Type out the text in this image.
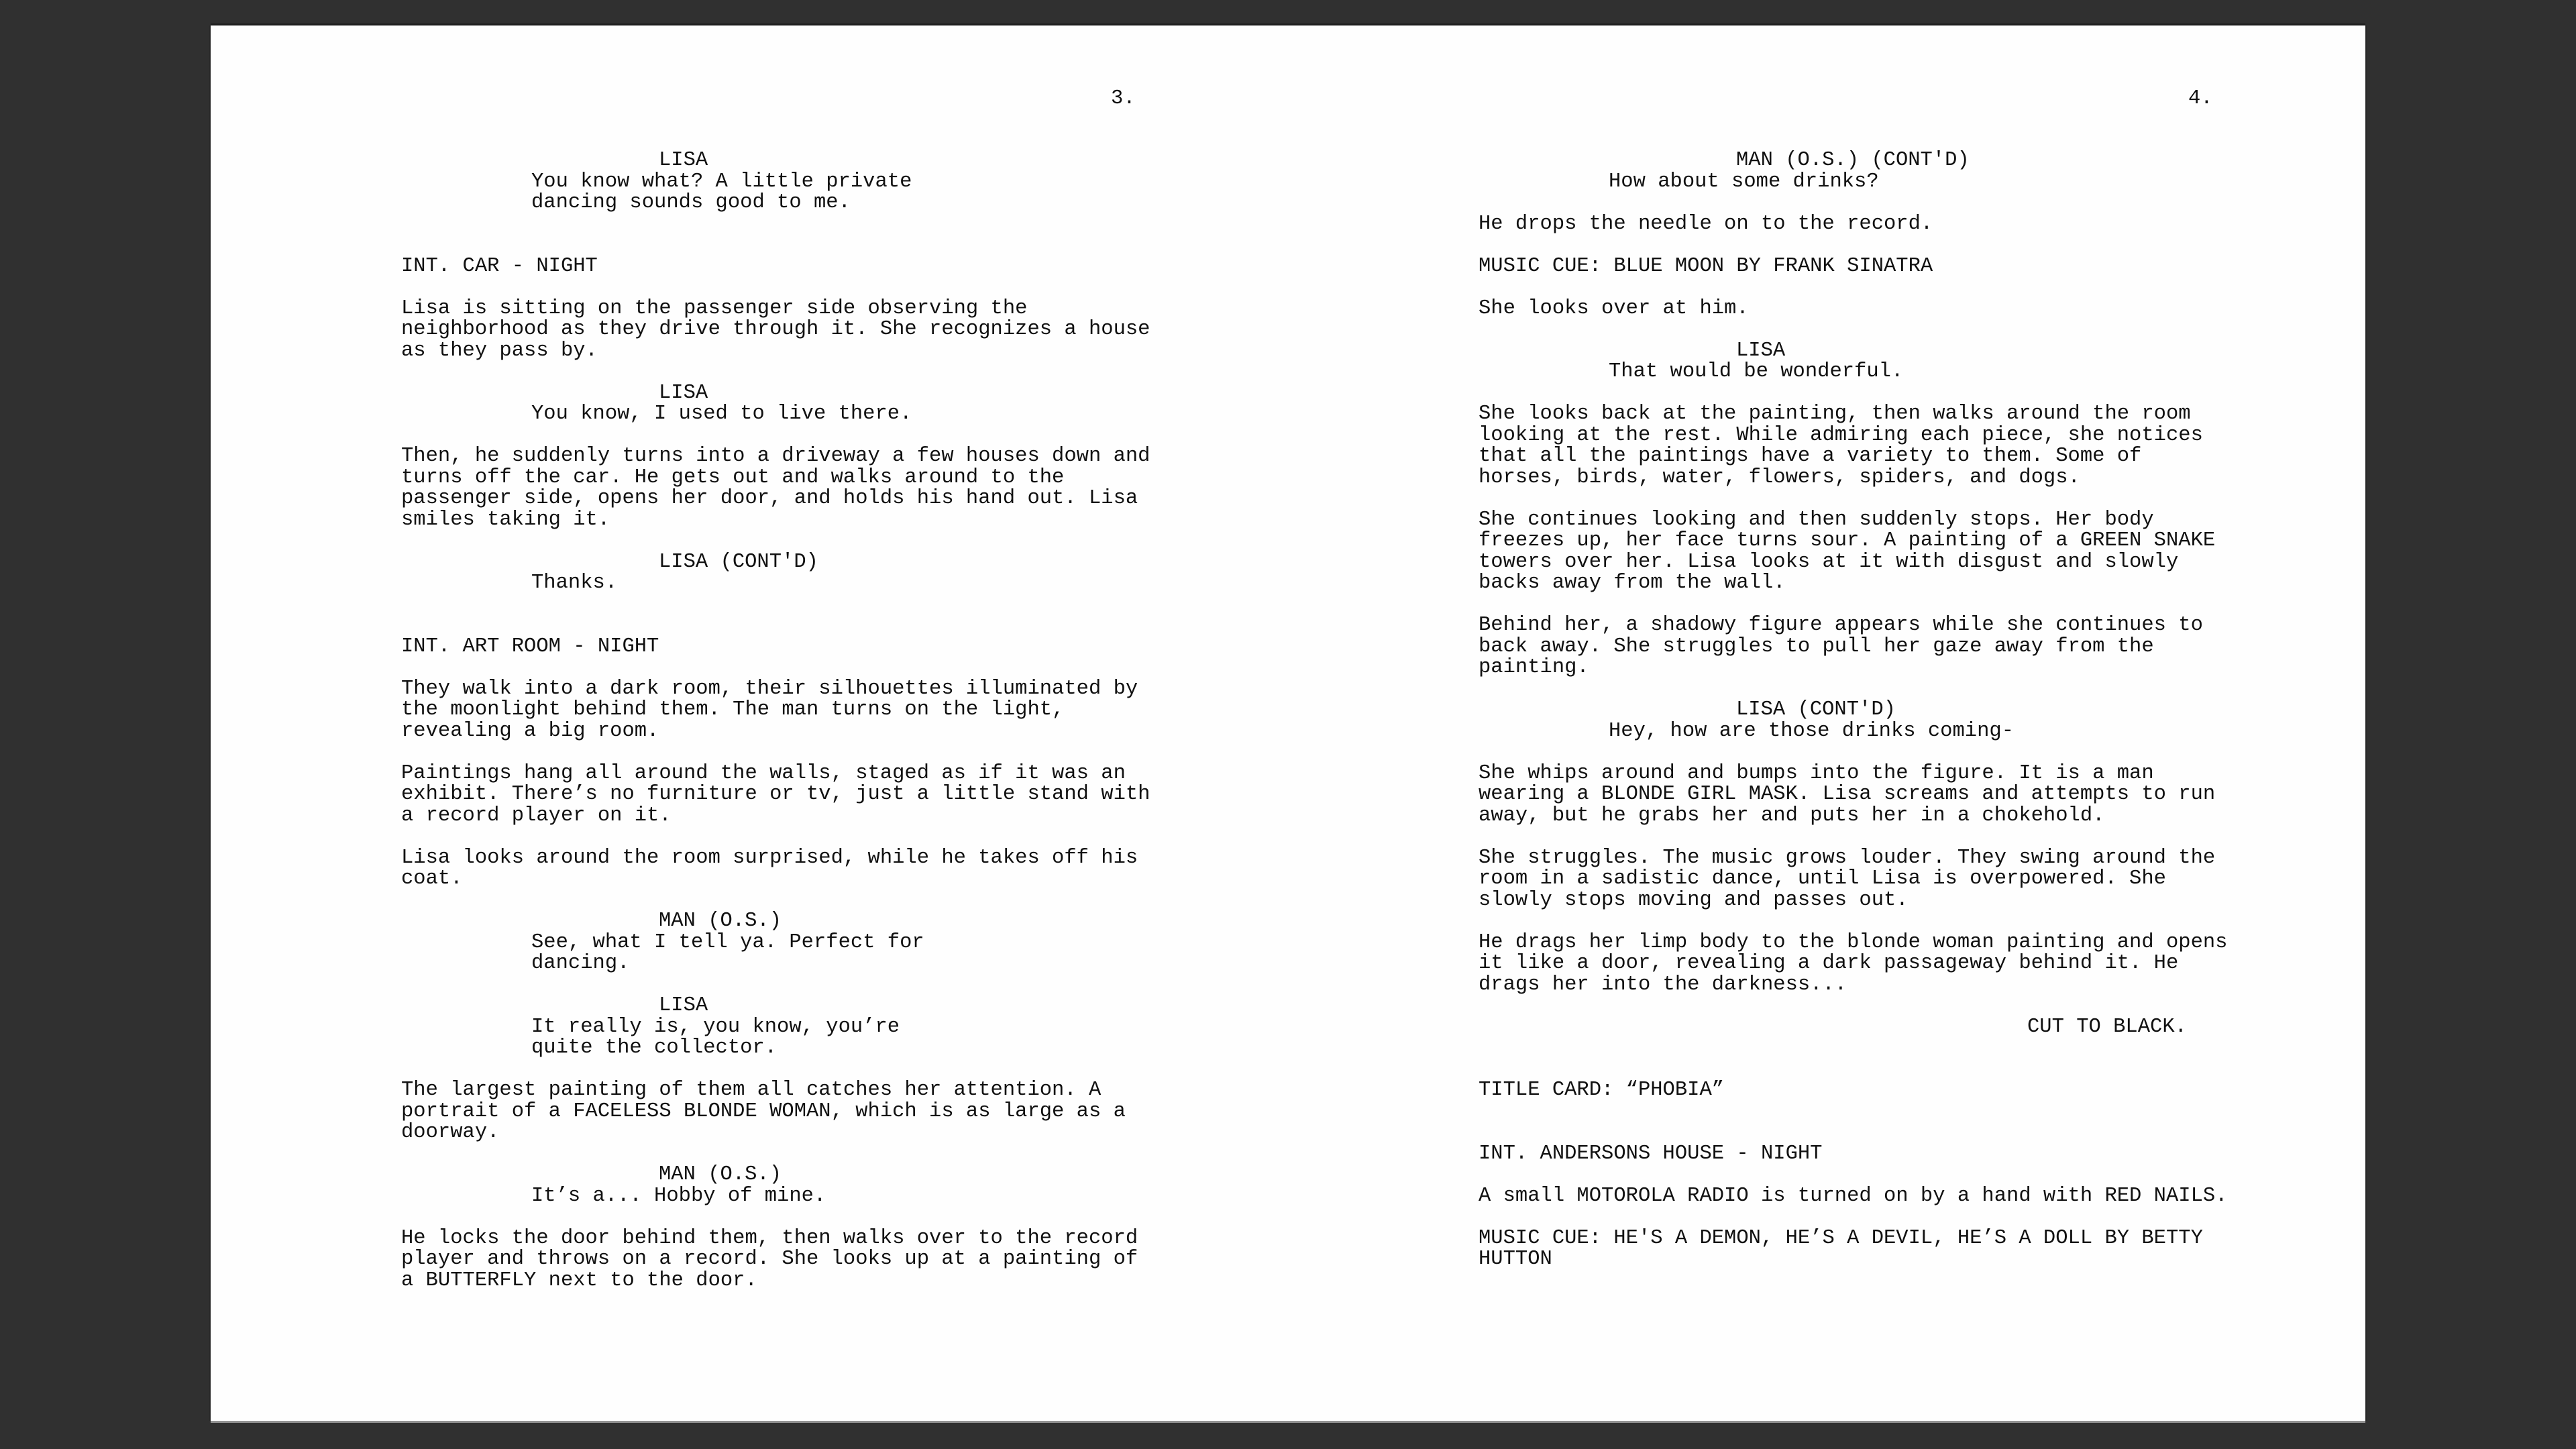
3.

LISA
You know what? A little private
dancing sounds good to me.
INT. CAR - NIGHT
Lisa is sitting on the passenger side observing the
neighborhood as they drive through it. She recognizes a house
as they pass by.
LISA
You know, I used to live there.
Then, he suddenly turns into a driveway a few houses down and
turns off the car. He gets out and walks around to the
passenger side, opens her door, and holds his hand out. Lisa
smiles taking it.
LISA (CONT'D)
Thanks.
INT. ART ROOM - NIGHT
They walk into a dark room, their silhouettes illuminated by
the moonlight behind them. The man turns on the light,
revealing a big room.
Paintings hang all around the walls, staged as if it was an
exhibit. There’s no furniture or tv, just a little stand with
a record player on it.
Lisa looks around the room surprised, while he takes off his
coat.
MAN (O.S.)
See, what I tell ya. Perfect for
dancing.
LISA
It really is, you know, you’re
quite the collector.
The largest painting of them all catches her attention. A
portrait of a FACELESS BLONDE WOMAN, which is as large as a
doorway.
MAN (O.S.)
It’s a... Hobby of mine.
He locks the door behind them, then walks over to the record
player and throws on a record. She looks up at a painting of
a BUTTERFLY next to the door.

4.

MAN (O.S.) (CONT'D)
How about some drinks?
He drops the needle on to the record.
MUSIC CUE: BLUE MOON BY FRANK SINATRA
She looks over at him.
LISA
That would be wonderful.
She looks back at the painting, then walks around the room
looking at the rest. While admiring each piece, she notices
that all the paintings have a variety to them. Some of
horses, birds, water, flowers, spiders, and dogs.
She continues looking and then suddenly stops. Her body
freezes up, her face turns sour. A painting of a GREEN SNAKE
towers over her. Lisa looks at it with disgust and slowly
backs away from the wall.
Behind her, a shadowy figure appears while she continues to
back away. She struggles to pull her gaze away from the
painting.
LISA (CONT'D)
Hey, how are those drinks coming-
She whips around and bumps into the figure. It is a man
wearing a BLONDE GIRL MASK. Lisa screams and attempts to run
away, but he grabs her and puts her in a chokehold.
She struggles. The music grows louder. They swing around the
room in a sadistic dance, until Lisa is overpowered. She
slowly stops moving and passes out.
He drags her limp body to the blonde woman painting and opens
it like a door, revealing a dark passageway behind it. He
drags her into the darkness...
CUT TO BLACK.
TITLE CARD: “PHOBIA”
INT. ANDERSONS HOUSE - NIGHT
A small MOTOROLA RADIO is turned on by a hand with RED NAILS.
MUSIC CUE: HE'S A DEMON, HE’S A DEVIL, HE’S A DOLL BY BETTY
HUTTON
